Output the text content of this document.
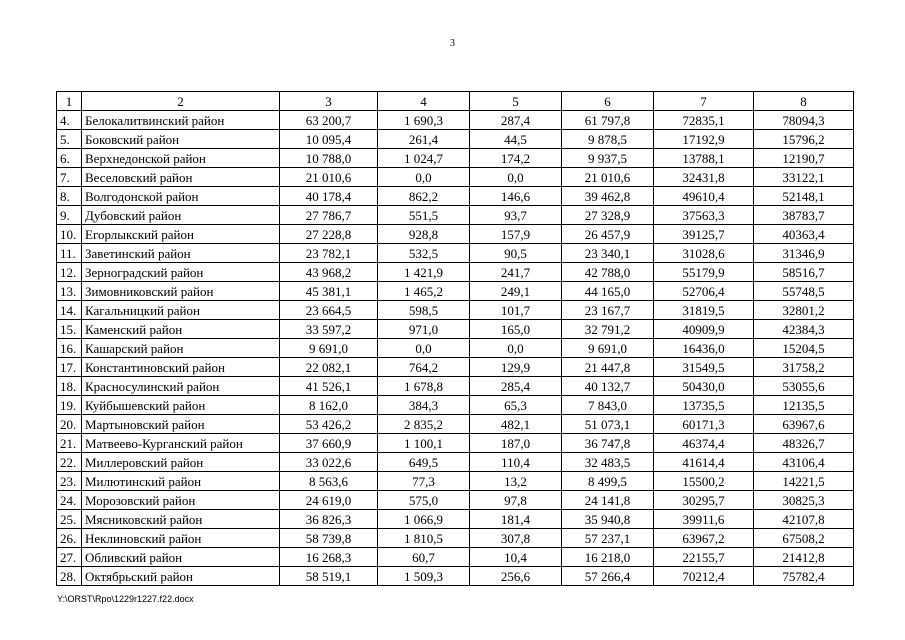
3
1	2	3	4	5	6	7	8
4.	Белокалитвинский район	63 200,7	1 690,3	287,4	61 797,8	72835,1	78094,3
5.	Боковский район	10 095,4	261,4	44,5	9 878,5	17192,9	15796,2
6.	Верхнедонской район	10 788,0	1 024,7	174,2	9 937,5	13788,1	12190,7
7.	Веселовский район	21 010,6	0,0	0,0	21 010,6	32431,8	33122,1
8.	Волгодонской район	40 178,4	862,2	146,6	39 462,8	49610,4	52148,1
9.	Дубовский район	27 786,7	551,5	93,7	27 328,9	37563,3	38783,7
10.	Егорлыкский район	27 228,8	928,8	157,9	26 457,9	39125,7	40363,4
11.	Заветинский район	23 782,1	532,5	90,5	23 340,1	31028,6	31346,9
12.	Зерноградский район	43 968,2	1 421,9	241,7	42 788,0	55179,9	58516,7
13.	Зимовниковский район	45 381,1	1 465,2	249,1	44 165,0	52706,4	55748,5
14.	Кагальницкий район	23 664,5	598,5	101,7	23 167,7	31819,5	32801,2
15.	Каменский район	33 597,2	971,0	165,0	32 791,2	40909,9	42384,3
16.	Кашарский район	9 691,0	0,0	0,0	9 691,0	16436,0	15204,5
17.	Константиновский район	22 082,1	764,2	129,9	21 447,8	31549,5	31758,2
18.	Красносулинский район	41 526,1	1 678,8	285,4	40 132,7	50430,0	53055,6
19.	Куйбышевский район	8 162,0	384,3	65,3	7 843,0	13735,5	12135,5
20.	Мартыновский район	53 426,2	2 835,2	482,1	51 073,1	60171,3	63967,6
21.	Матвеево-Курганский район	37 660,9	1 100,1	187,0	36 747,8	46374,4	48326,7
22.	Миллеровский район	33 022,6	649,5	110,4	32 483,5	41614,4	43106,4
23.	Милютинский район	8 563,6	77,3	13,2	8 499,5	15500,2	14221,5
24.	Морозовский район	24 619,0	575,0	97,8	24 141,8	30295,7	30825,3
25.	Мясниковский район	36 826,3	1 066,9	181,4	35 940,8	39911,6	42107,8
26.	Неклиновский район	58 739,8	1 810,5	307,8	57 237,1	63967,2	67508,2
27.	Обливский район	16 268,3	60,7	10,4	16 218,0	22155,7	21412,8
28.	Октябрьский район	58 519,1	1 509,3	256,6	57 266,4	70212,4	75782,4
Y:\ORST\Rpo\1229r1227.f22.docx
